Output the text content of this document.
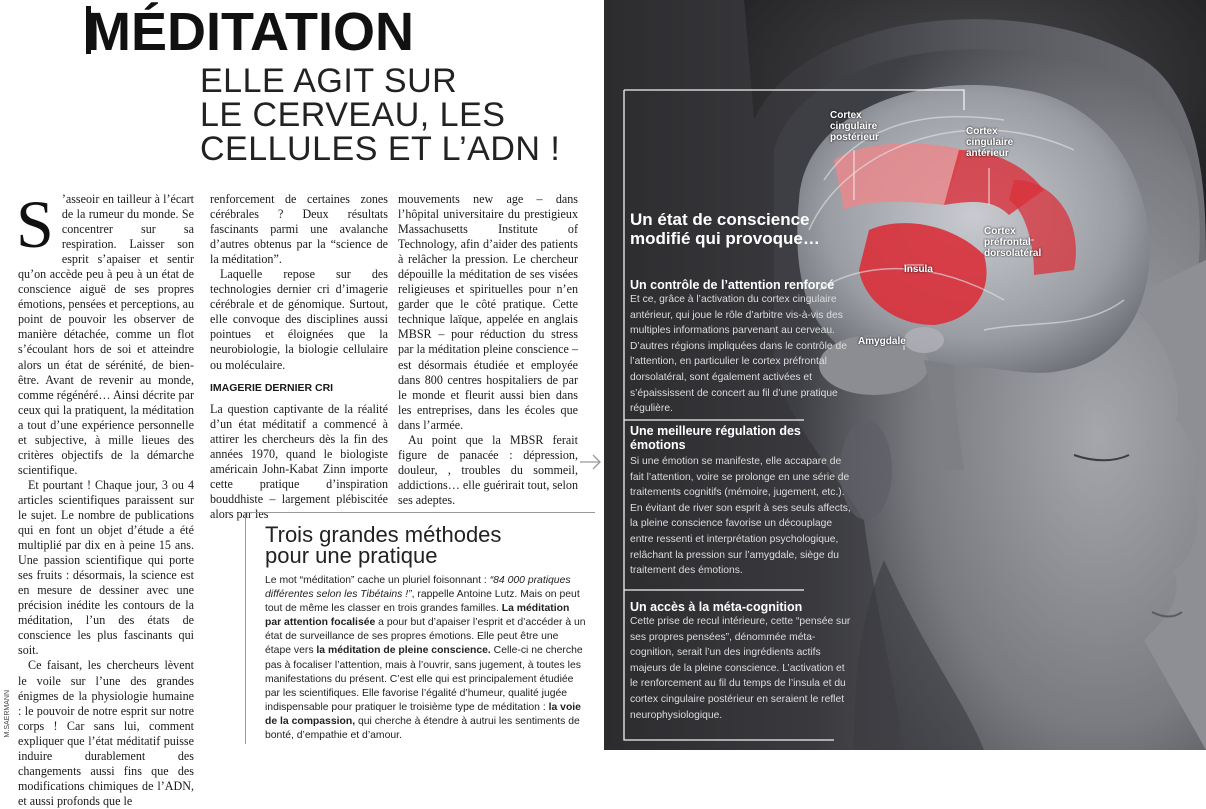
MÉDITATION
ELLE AGIT SUR
LE CERVEAU, LES
CELLULES ET L’ADN !

S ’asseoir en tailleur à l’écart de la rumeur du monde. Se concentrer sur sa respiration. Laisser son esprit s’apaiser et sentir qu’on accède peu à peu à un état de conscience aiguë de ses propres émotions, pensées et perceptions, au point de pouvoir les observer de manière détachée, comme un flot s’écoulant hors de soi et atteindre alors un état de sérénité, de bien-être. Avant de revenir au monde, comme régénéré… Ainsi décrite par ceux qui la pratiquent, la méditation a tout d’une expérience personnelle et subjective, à mille lieues des critères objectifs de la démarche scientifique.

Et pourtant ! Chaque jour, 3 ou 4 articles scientifiques paraissent sur le sujet. Le nombre de publications qui en font un objet d’étude a été multiplié par dix en à peine 15 ans. Une passion scientifique qui porte ses fruits : désormais, la science est en mesure de dessiner avec une précision inédite les contours de la méditation, l’un des états de conscience les plus fascinants qui soit.

Ce faisant, les chercheurs lèvent le voile sur l’une des grandes énigmes de la physiologie humaine : le pouvoir de notre esprit sur notre corps ! Car sans lui, comment expliquer que l’état méditatif puisse induire durablement des changements aussi fins que des modifications chimiques de l’ADN, et aussi profonds que le

renforcement de certaines zones cérébrales ? Deux résultats fascinants parmi une avalanche d’autres obtenus par la “science de la méditation”.

Laquelle repose sur des technologies dernier cri d’imagerie cérébrale et de génomique. Surtout, elle convoque des disciplines aussi pointues et éloignées que la neurobiologie, la biologie cellulaire ou moléculaire.

IMAGERIE DERNIER CRI

La question captivante de la réalité d’un état méditatif a commencé à attirer les chercheurs dès la fin des années 1970, quand le biologiste américain John-Kabat Zinn importe cette pratique d’inspiration bouddhiste – largement plébiscitée alors par les

mouvements new age – dans l’hôpital universitaire du prestigieux Massachusetts Institute of Technology, afin d’aider des patients à relâcher la pression. Le chercheur dépouille la méditation de ses visées religieuses et spirituelles pour n’en garder que le côté pratique. Cette technique laïque, appelée en anglais MBSR – pour réduction du stress par la méditation pleine conscience – est désormais étudiée et employée dans 800 centres hospitaliers de par le monde et fleurit aussi bien dans les entreprises, dans les écoles que dans l’armée.

Au point que la MBSR ferait figure de panacée : dépression, douleur, , troubles du sommeil, addictions… elle guérirait tout, selon ses adeptes.

M.SAERMANN
Trois grandes méthodes
pour une pratique
Le mot “méditation” cache un pluriel foisonnant : “84 000 pratiques différentes selon les Tibétains !”, rappelle Antoine Lutz. Mais on peut tout de même les classer en trois grandes familles. La méditation par attention focalisée a pour but d’apaiser l’esprit et d’accéder à un état de surveillance de ses propres émotions. Elle peut être une étape vers la méditation de pleine conscience. Celle-ci ne cherche pas à focaliser l’attention, mais à l’ouvrir, sans jugement, à toutes les manifestations du présent. C’est elle qui est principalement étudiée par les scientifiques. Elle favorise l’égalité d’humeur, qualité jugée indispensable pour pratiquer le troisième type de méditation : la voie de la compassion, qui cherche à étendre à autrui les sentiments de bonté, d’empathie et d’amour.
Cortex
cingulaire
postérieur
Cortex
cingulaire
antérieur
Cortex
préfrontal
dorsolatéral
Insula
Amygdale
Un état de conscience
modifié qui provoque…
Un contrôle de l’attention renforcé
Et ce, grâce à l’activation du cortex cingulaire antérieur, qui joue le rôle d’arbitre vis-à-vis des multiples informations parvenant au cerveau. D’autres régions impliquées dans le contrôle de l’attention, en particulier le cortex préfrontal dorsolatéral, sont également activées et s’épaississent de concert au fil d’une pratique régulière.
Une meilleure régulation des émotions
Si une émotion se manifeste, elle accapare de fait l’attention, voire se prolonge en une série de traitements cognitifs (mémoire, jugement, etc.). En évitant de river son esprit à ses seuls affects, la pleine conscience favorise un découplage entre ressenti et interprétation psychologique, relâchant la pression sur l’amygdale, siège du traitement des émotions.
Un accès à la méta-cognition
Cette prise de recul intérieure, cette “pensée sur ses propres pensées”, dénommée méta-cognition, serait l’un des ingrédients actifs majeurs de la pleine conscience. L’activation et le renforcement au fil du temps de l’insula et du cortex cingulaire postérieur en seraient le reflet neurophysiologique.
